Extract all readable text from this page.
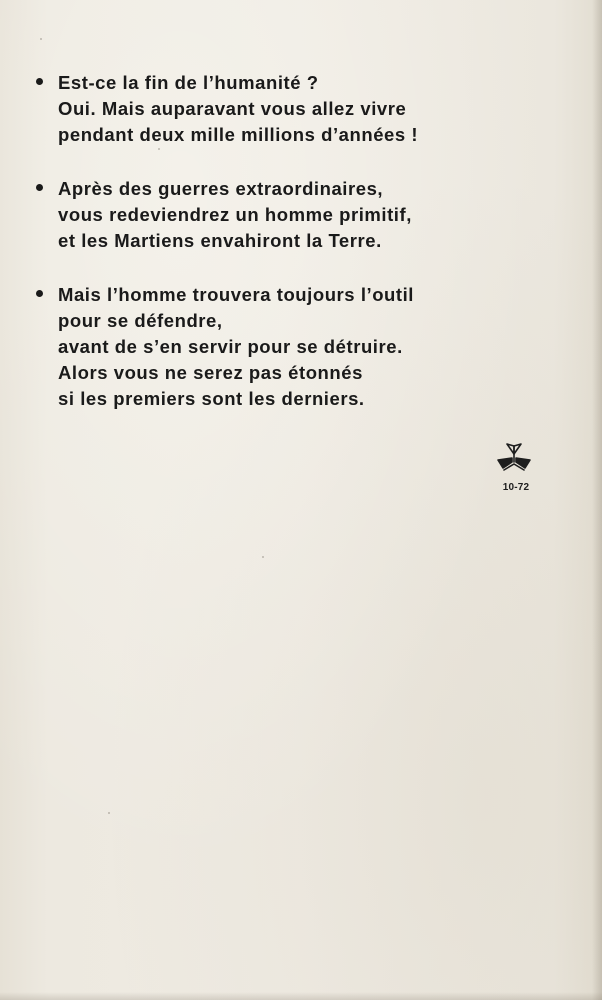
Est-ce la fin de l’humanité ?
Oui. Mais auparavant vous allez vivre
pendant deux mille millions d’années !
Après des guerres extraordinaires,
vous redeviendrez un homme primitif,
et les Martiens envahiront la Terre.
Mais l’homme trouvera toujours l’outil
pour se défendre,
avant de s’en servir pour se détruire.
Alors vous ne serez pas étonnés
si les premiers sont les derniers.
10-72
